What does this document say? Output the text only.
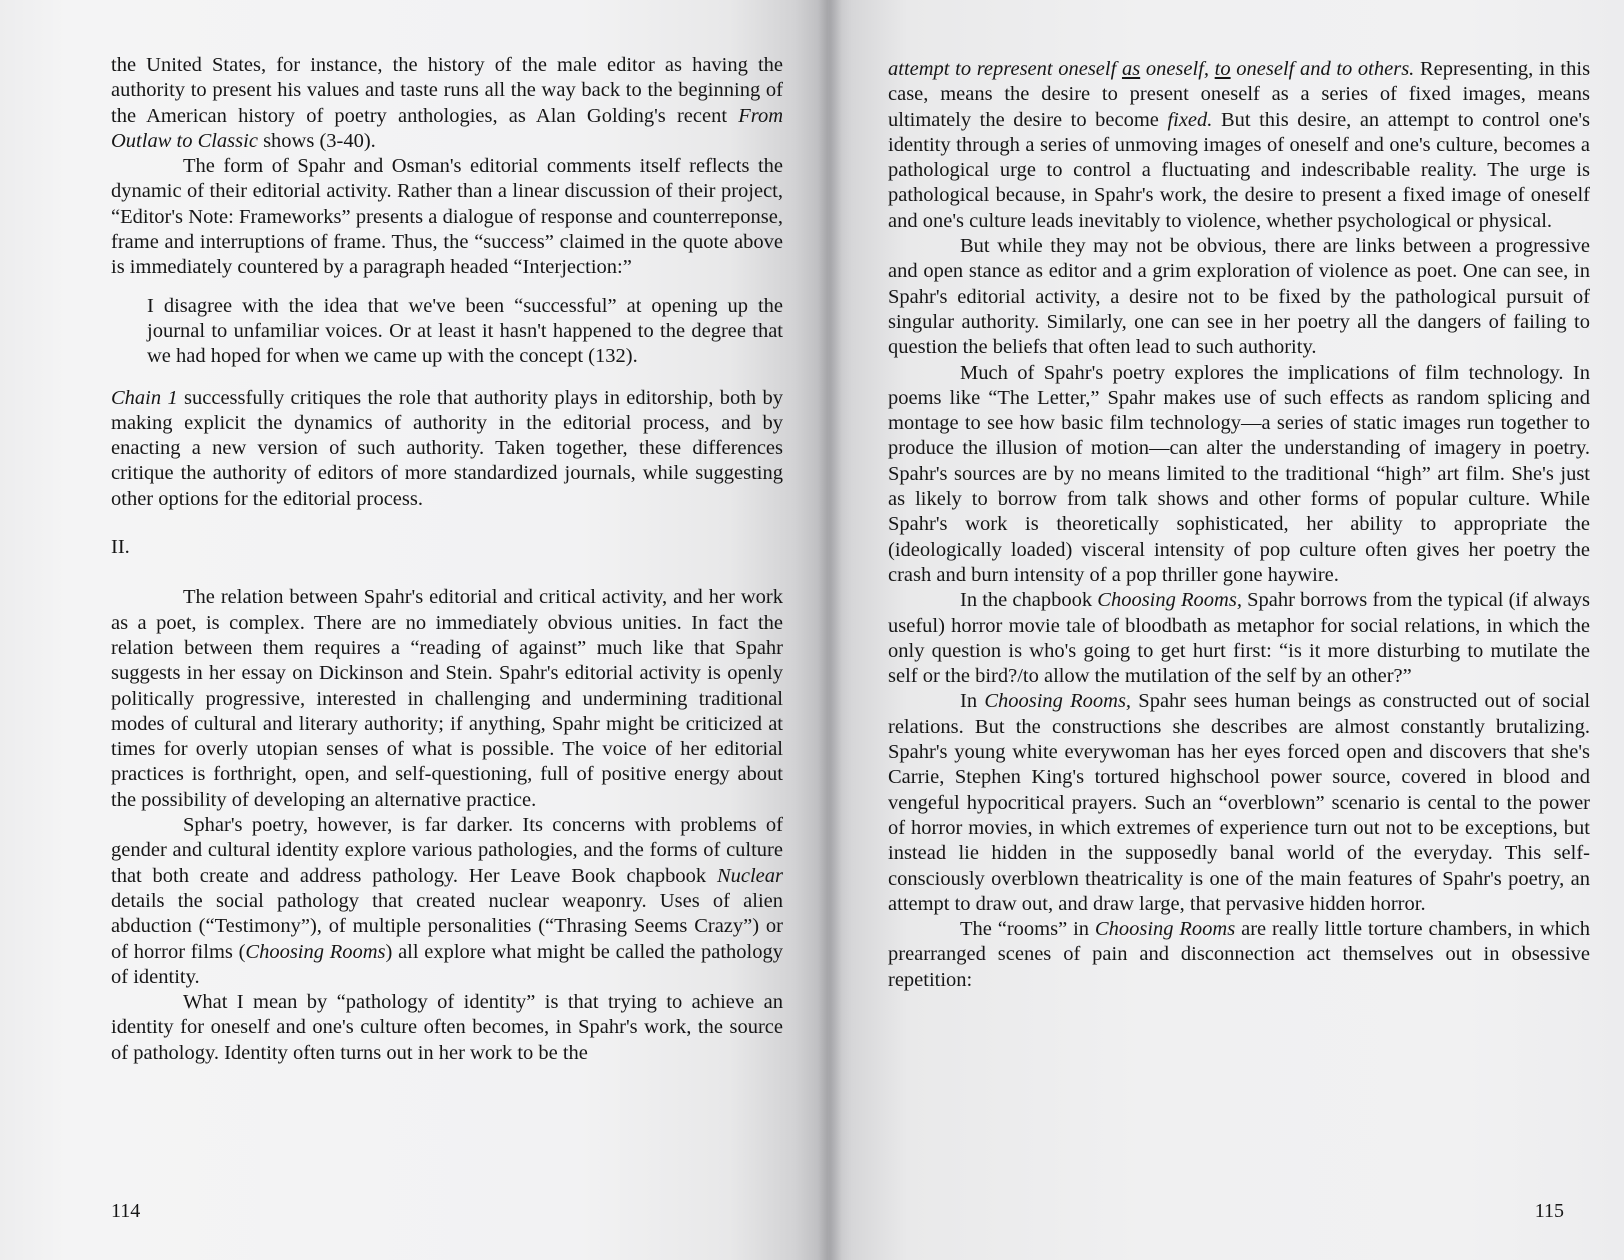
the United States, for instance, the history of the male editor as having the authority to present his values and taste runs all the way back to the beginning of the American history of poetry anthologies, as Alan Golding's recent From Outlaw to Classic shows (3-40).

The form of Spahr and Osman's editorial comments itself reflects the dynamic of their editorial activity. Rather than a linear discussion of their project, “Editor's Note: Frameworks” presents a dialogue of response and counterreponse, frame and interruptions of frame. Thus, the “success” claimed in the quote above is immediately countered by a paragraph headed “Interjection:”

I disagree with the idea that we've been “successful” at opening up the journal to unfamiliar voices. Or at least it hasn't happened to the degree that we had hoped for when we came up with the concept (132).

Chain 1 successfully critiques the role that authority plays in editorship, both by making explicit the dynamics of authority in the editorial process, and by enacting a new version of such authority. Taken together, these differences critique the authority of editors of more standardized journals, while suggesting other options for the editorial process.

II.

The relation between Spahr's editorial and critical activity, and her work as a poet, is complex. There are no immediately obvious unities. In fact the relation between them requires a “reading of against” much like that Spahr suggests in her essay on Dickinson and Stein. Spahr's editorial activity is openly politically progressive, interested in challenging and undermining traditional modes of cultural and literary authority; if anything, Spahr might be criticized at times for overly utopian senses of what is possible. The voice of her editorial practices is forthright, open, and self-questioning, full of positive energy about the possibility of developing an alternative practice.

Sphar's poetry, however, is far darker. Its concerns with problems of gender and cultural identity explore various pathologies, and the forms of culture that both create and address pathology. Her Leave Book chapbook Nuclear details the social pathology that created nuclear weaponry. Uses of alien abduction (“Testimony”), of multiple personalities (“Thrasing Seems Crazy”) or of horror films (Choosing Rooms) all explore what might be called the pathology of identity.

What I mean by “pathology of identity” is that trying to achieve an identity for oneself and one's culture often becomes, in Spahr's work, the source of pathology. Identity often turns out in her work to be the

114

attempt to represent oneself as oneself, to oneself and to others. Representing, in this case, means the desire to present oneself as a series of fixed images, means ultimately the desire to become fixed. But this desire, an attempt to control one's identity through a series of unmoving images of oneself and one's culture, becomes a pathological urge to control a fluctuating and indescribable reality. The urge is pathological because, in Spahr's work, the desire to present a fixed image of oneself and one's culture leads inevitably to violence, whether psychological or physical.

But while they may not be obvious, there are links between a progressive and open stance as editor and a grim exploration of violence as poet. One can see, in Spahr's editorial activity, a desire not to be fixed by the pathological pursuit of singular authority. Similarly, one can see in her poetry all the dangers of failing to question the beliefs that often lead to such authority.

Much of Spahr's poetry explores the implications of film technology. In poems like “The Letter,” Spahr makes use of such effects as random splicing and montage to see how basic film technology—a series of static images run together to produce the illusion of motion—can alter the understanding of imagery in poetry. Spahr's sources are by no means limited to the traditional “high” art film. She's just as likely to borrow from talk shows and other forms of popular culture. While Spahr's work is theoretically sophisticated, her ability to appropriate the (ideologically loaded) visceral intensity of pop culture often gives her poetry the crash and burn intensity of a pop thriller gone haywire.

In the chapbook Choosing Rooms, Spahr borrows from the typical (if always useful) horror movie tale of bloodbath as metaphor for social relations, in which the only question is who's going to get hurt first: “is it more disturbing to mutilate the self or the bird?/to allow the mutilation of the self by an other?”

In Choosing Rooms, Spahr sees human beings as constructed out of social relations. But the constructions she describes are almost constantly brutalizing. Spahr's young white everywoman has her eyes forced open and discovers that she's Carrie, Stephen King's tortured highschool power source, covered in blood and vengeful hypocritical prayers. Such an “overblown” scenario is cental to the power of horror movies, in which extremes of experience turn out not to be exceptions, but instead lie hidden in the supposedly banal world of the everyday. This self-consciously overblown theatricality is one of the main features of Spahr's poetry, an attempt to draw out, and draw large, that pervasive hidden horror.

The “rooms” in Choosing Rooms are really little torture chambers, in which prearranged scenes of pain and disconnection act themselves out in obsessive repetition:

115
